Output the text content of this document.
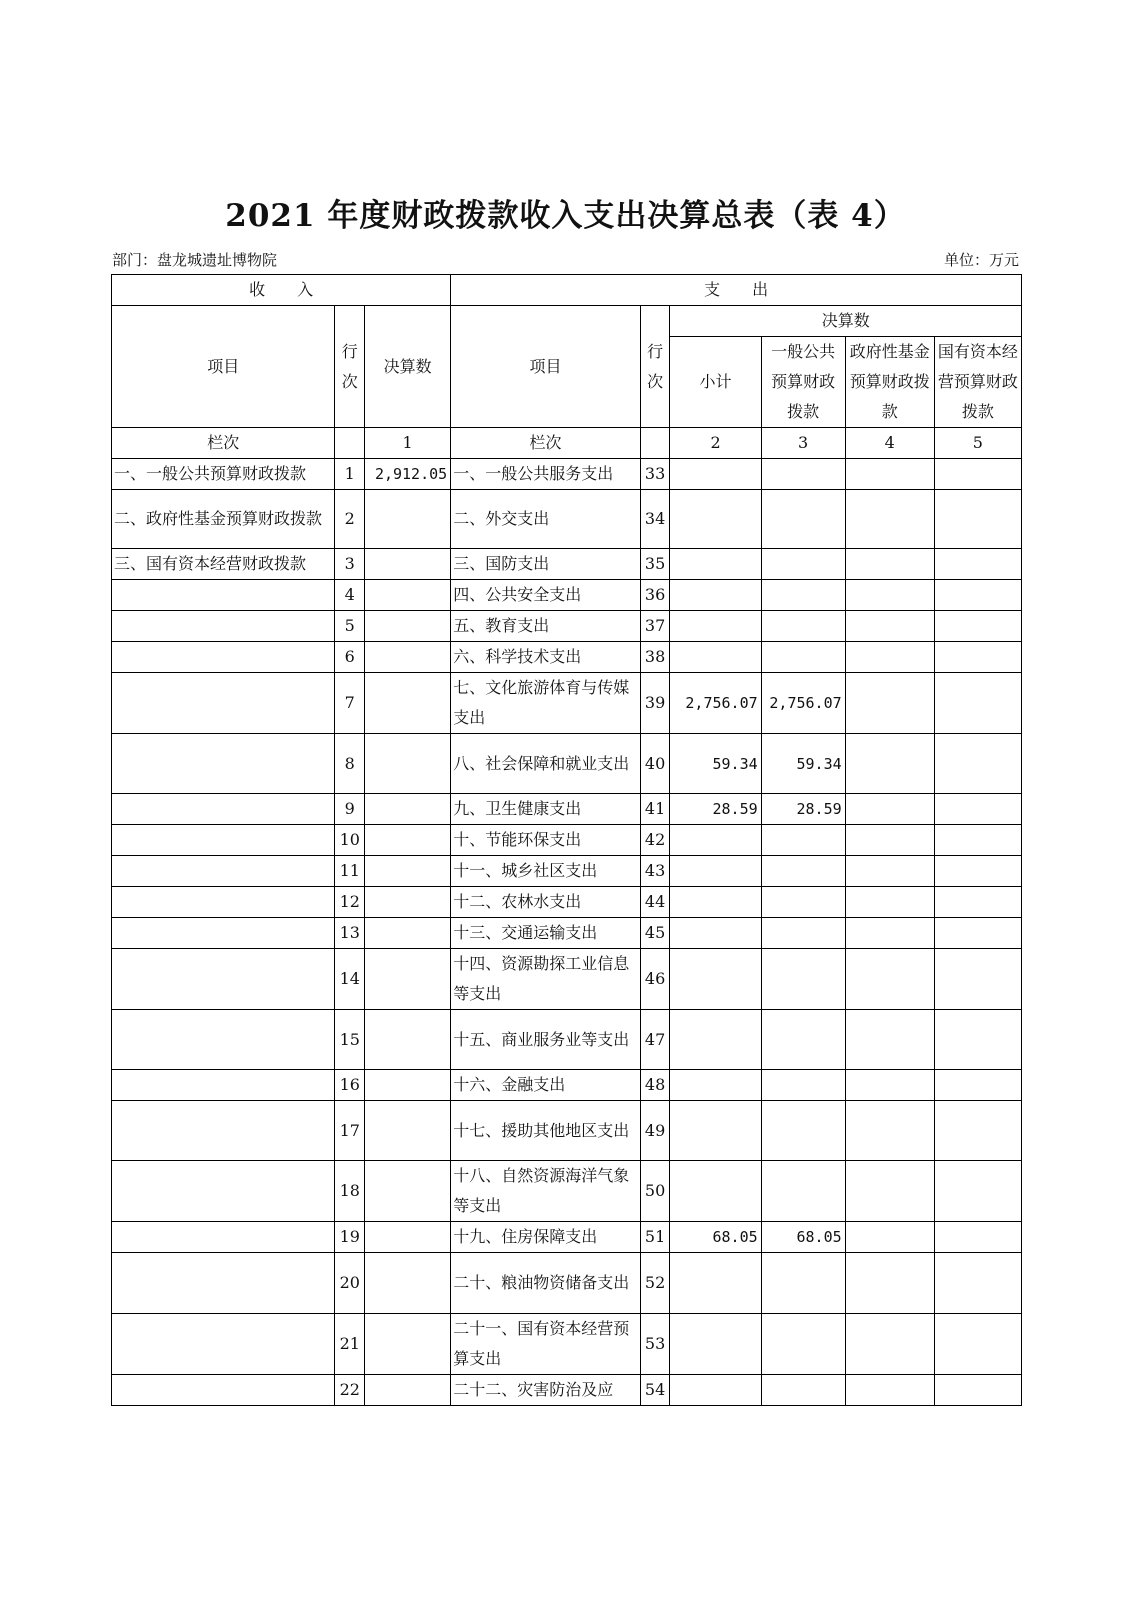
2021 年度财政拨款收入支出决算总表（表 4）
部门：盘龙城遗址博物院	单位：万元
收　　入			支　　出					
项目	行次	决算数	项目	行次	决算数			
					小计	一般公共预算财政拨款	政府性基金预算财政拨款	国有资本经营预算财政拨款
栏次		1	栏次		2	3	4	5
一、一般公共预算财政拨款	1	2,912.05	一、一般公共服务支出	33				
二、政府性基金预算财政拨款	2		二、外交支出	34				
三、国有资本经营财政拨款	3		三、国防支出	35				
	4		四、公共安全支出	36				
	5		五、教育支出	37				
	6		六、科学技术支出	38				
	7		七、文化旅游体育与传媒支出	39	2,756.07	2,756.07		
	8		八、社会保障和就业支出	40	59.34	59.34		
	9		九、卫生健康支出	41	28.59	28.59		
	10		十、节能环保支出	42				
	11		十一、城乡社区支出	43				
	12		十二、农林水支出	44				
	13		十三、交通运输支出	45				
	14		十四、资源勘探工业信息等支出	46				
	15		十五、商业服务业等支出	47				
	16		十六、金融支出	48				
	17		十七、援助其他地区支出	49				
	18		十八、自然资源海洋气象等支出	50				
	19		十九、住房保障支出	51	68.05	68.05		
	20		二十、粮油物资储备支出	52				
	21		二十一、国有资本经营预算支出	53				
	22		二十二、灾害防治及应	54				
